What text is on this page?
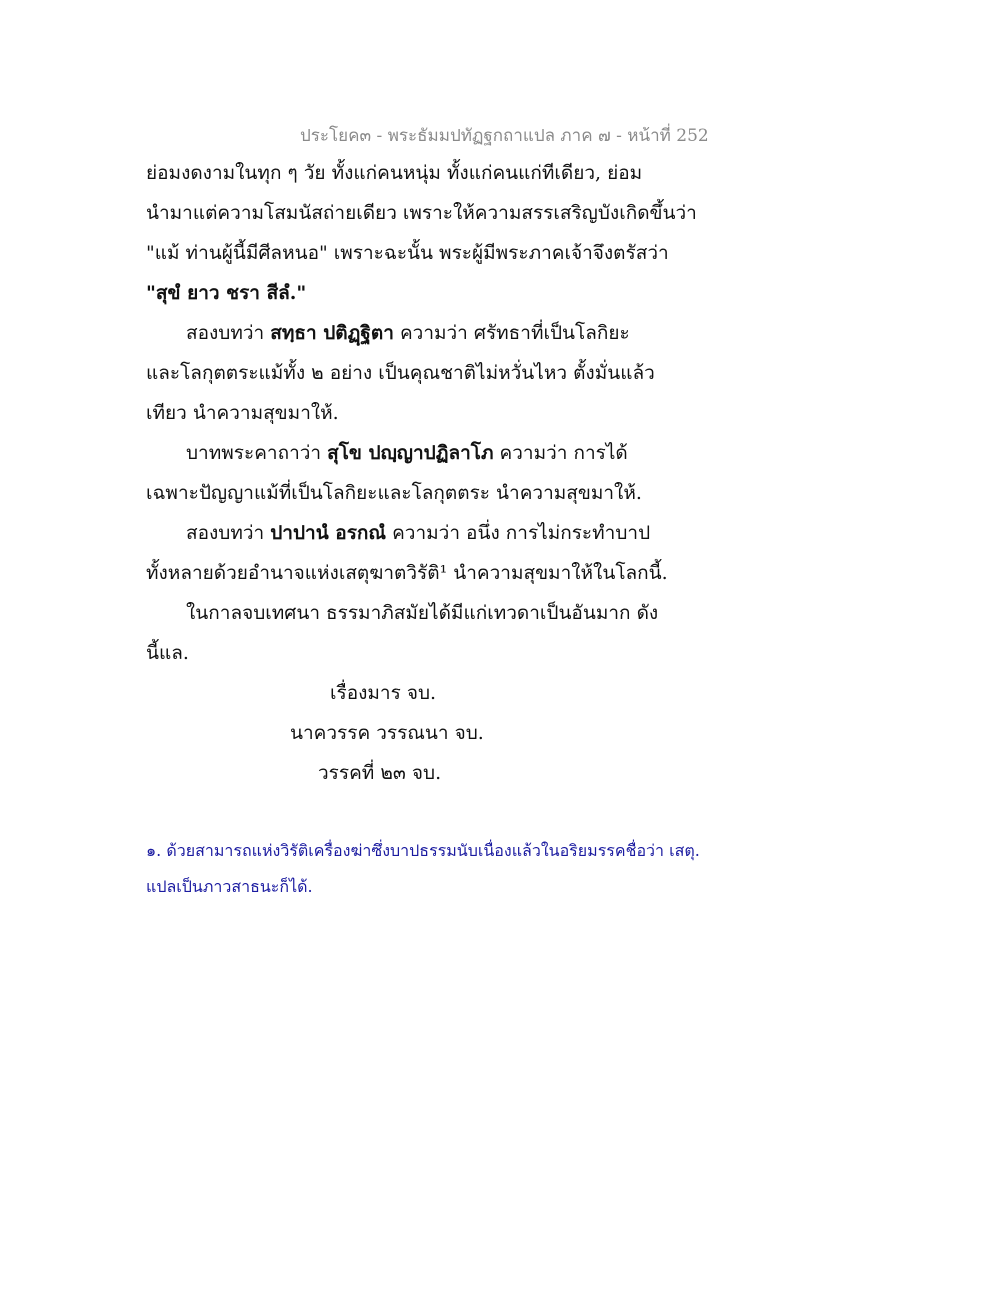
ประโยค๓ - พระธัมมปทัฏฐกถาแปล ภาค ๗ - หน้าที่ 252
ย่อมงดงามในทุก ๆ วัย ทั้งแก่คนหนุ่ม ทั้งแก่คนแก่ทีเดียว, ย่อม
นำมาแต่ความโสมนัสถ่ายเดียว เพราะให้ความสรรเสริญบังเกิดขึ้นว่า
"แม้ ท่านผู้นี้มีศีลหนอ" เพราะฉะนั้น พระผู้มีพระภาคเจ้าจึงตรัสว่า
"สุขํ ยาว ชรา สีลํ."
สองบทว่า สทฺธา ปติฏฺฐิตา ความว่า ศรัทธาที่เป็นโลกิยะ
และโลกุตตระแม้ทั้ง ๒ อย่าง เป็นคุณชาติไม่หวั่นไหว ตั้งมั่นแล้ว
เทียว นำความสุขมาให้.
บาทพระคาถาว่า สุโข ปญฺญาปฏิลาโภ ความว่า การได้
เฉพาะปัญญาแม้ที่เป็นโลกิยะและโลกุตตระ นำความสุขมาให้.
สองบทว่า ปาปานํ อรกณํ ความว่า อนึ่ง การไม่กระทำบาป
ทั้งหลายด้วยอำนาจแห่งเสตุฆาตวิรัติ¹ นำความสุขมาให้ในโลกนี้.
ในกาลจบเทศนา ธรรมาภิสมัยได้มีแก่เทวดาเป็นอันมาก ดัง
นี้แล.
เรื่องมาร จบ.
นาควรรค วรรณนา จบ.
วรรคที่ ๒๓ จบ.
๑. ด้วยสามารถแห่งวิรัติเครื่องฆ่าซึ่งบาปธรรมนับเนื่องแล้วในอริยมรรคชื่อว่า เสตุ.
แปลเป็นภาวสาธนะก็ได้.
